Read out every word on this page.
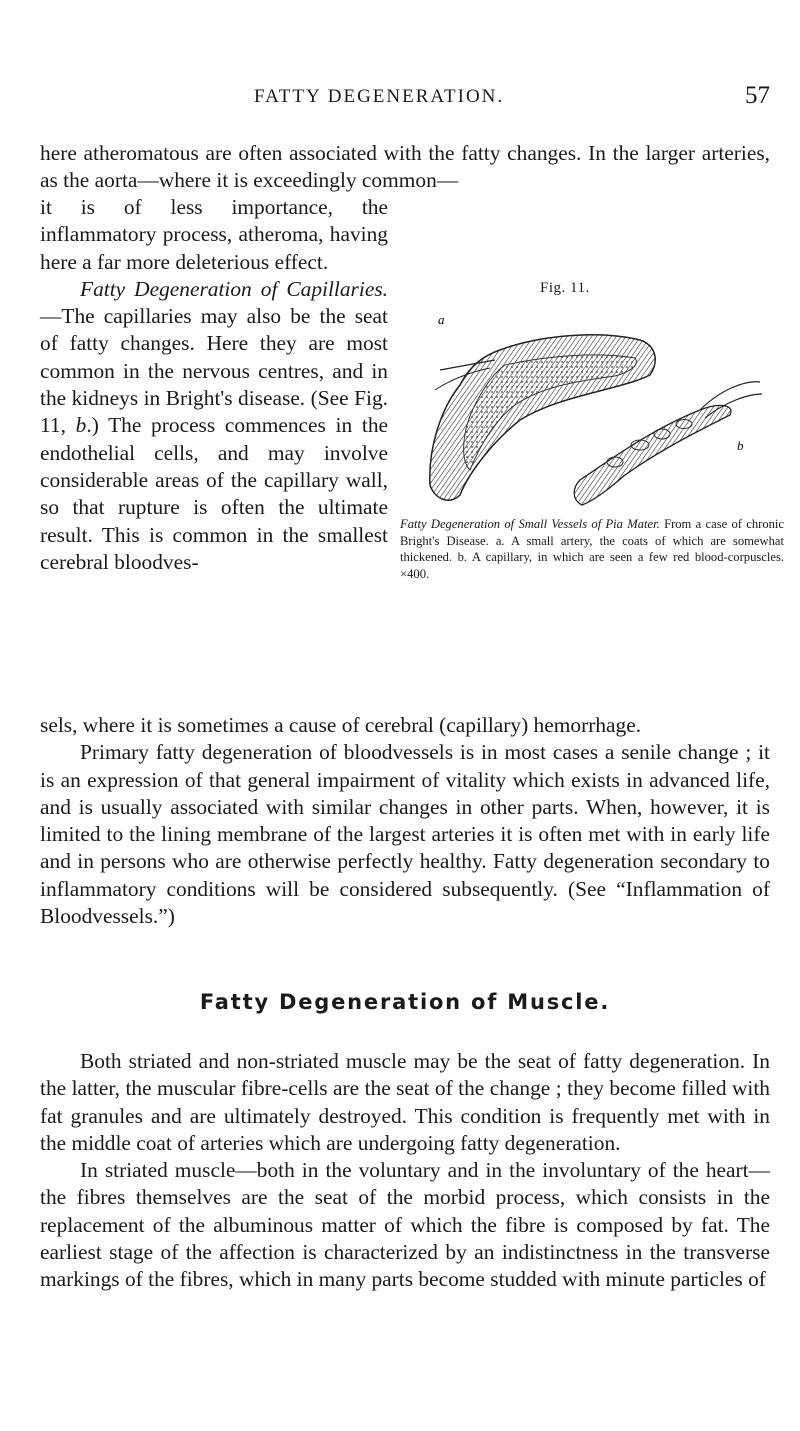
FATTY DEGENERATION.	57

here atheromatous are often associated with the fatty changes. In the larger arteries, as the aorta—where it is exceedingly common—

it is of less importance, the inflammatory process, atheroma, having here a far more deleterious effect.

Fatty Degeneration of Capillaries.—The capillaries may also be the seat of fatty changes. Here they are most common in the nervous centres, and in the kidneys in Bright's disease. (See Fig. 11, b.) The process commences in the endothelial cells, and may involve considerable areas of the capillary wall, so that rupture is often the ultimate result. This is common in the smallest cerebral bloodves-

sels, where it is sometimes a cause of cerebral (capillary) hemorrhage.

Primary fatty degeneration of bloodvessels is in most cases a senile change ; it is an expression of that general impairment of vitality which exists in advanced life, and is usually associated with similar changes in other parts. When, however, it is limited to the lining membrane of the largest arteries it is often met with in early life and in persons who are otherwise perfectly healthy. Fatty degeneration secondary to inflammatory conditions will be considered subsequently. (See “Inflammation of Bloodvessels.”)

Fig. 11.
a
b
Fatty Degeneration of Small Vessels of Pia Mater. From a case of chronic Bright's Disease. a. A small artery, the coats of which are somewhat thickened. b. A capillary, in which are seen a few red blood-corpuscles. ×400.
Fatty Degeneration of Muscle.

Both striated and non-striated muscle may be the seat of fatty degeneration. In the latter, the muscular fibre-cells are the seat of the change ; they become filled with fat granules and are ultimately destroyed. This condition is frequently met with in the middle coat of arteries which are undergoing fatty degeneration.

In striated muscle—both in the voluntary and in the involuntary of the heart—the fibres themselves are the seat of the morbid process, which consists in the replacement of the albuminous matter of which the fibre is composed by fat. The earliest stage of the affection is characterized by an indistinctness in the transverse markings of the fibres, which in many parts become studded with minute particles of
